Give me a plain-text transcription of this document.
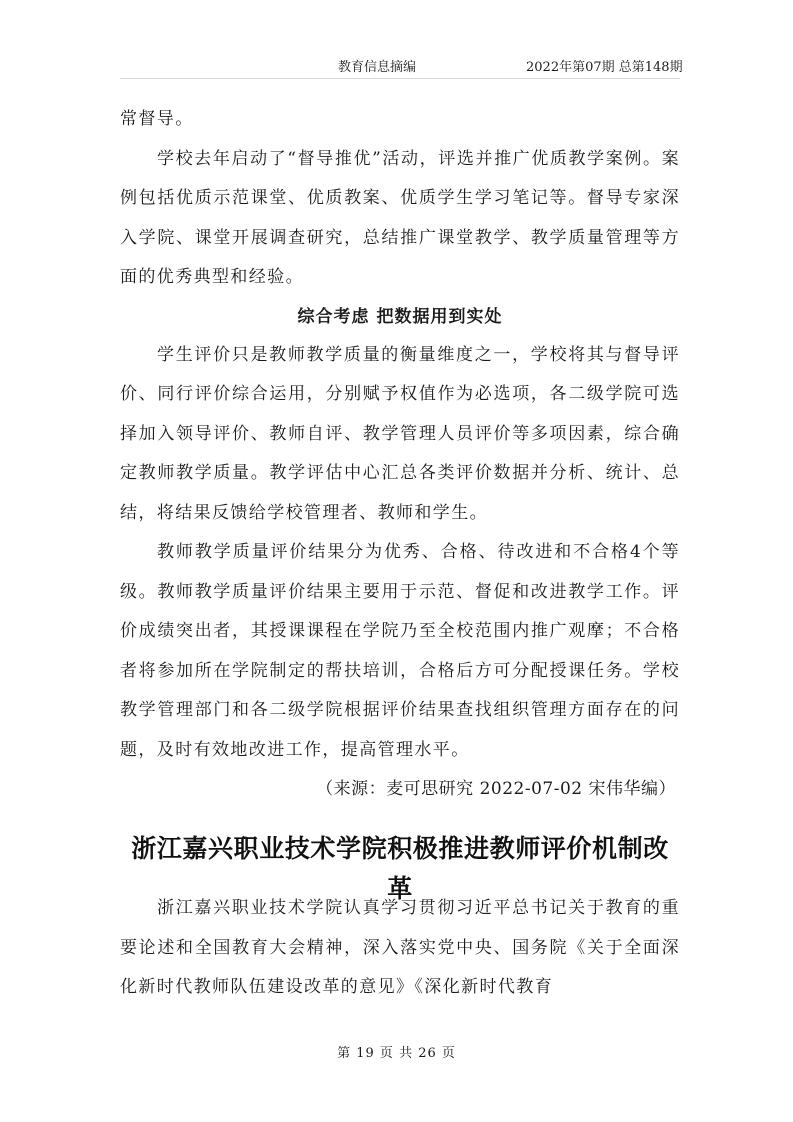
教育信息摘编	2022年第07期 总第148期

常督导。

学校去年启动了“督导推优”活动，评选并推广优质教学案例。案例包括优质示范课堂、优质教案、优质学生学习笔记等。督导专家深入学院、课堂开展调查研究，总结推广课堂教学、教学质量管理等方面的优秀典型和经验。

综合考虑 把数据用到实处

学生评价只是教师教学质量的衡量维度之一，学校将其与督导评价、同行评价综合运用，分别赋予权值作为必选项，各二级学院可选择加入领导评价、教师自评、教学管理人员评价等多项因素，综合确定教师教学质量。教学评估中心汇总各类评价数据并分析、统计、总结，将结果反馈给学校管理者、教师和学生。

教师教学质量评价结果分为优秀、合格、待改进和不合格4个等级。教师教学质量评价结果主要用于示范、督促和改进教学工作。评价成绩突出者，其授课课程在学院乃至全校范围内推广观摩；不合格者将参加所在学院制定的帮扶培训，合格后方可分配授课任务。学校教学管理部门和各二级学院根据评价结果查找组织管理方面存在的问题，及时有效地改进工作，提高管理水平。

（来源：麦可思研究 2022-07-02 宋伟华编）

浙江嘉兴职业技术学院积极推进教师评价机制改革

浙江嘉兴职业技术学院认真学习贯彻习近平总书记关于教育的重要论述和全国教育大会精神，深入落实党中央、国务院《关于全面深化新时代教师队伍建设改革的意见》《深化新时代教育

第 19 页 共 26 页
